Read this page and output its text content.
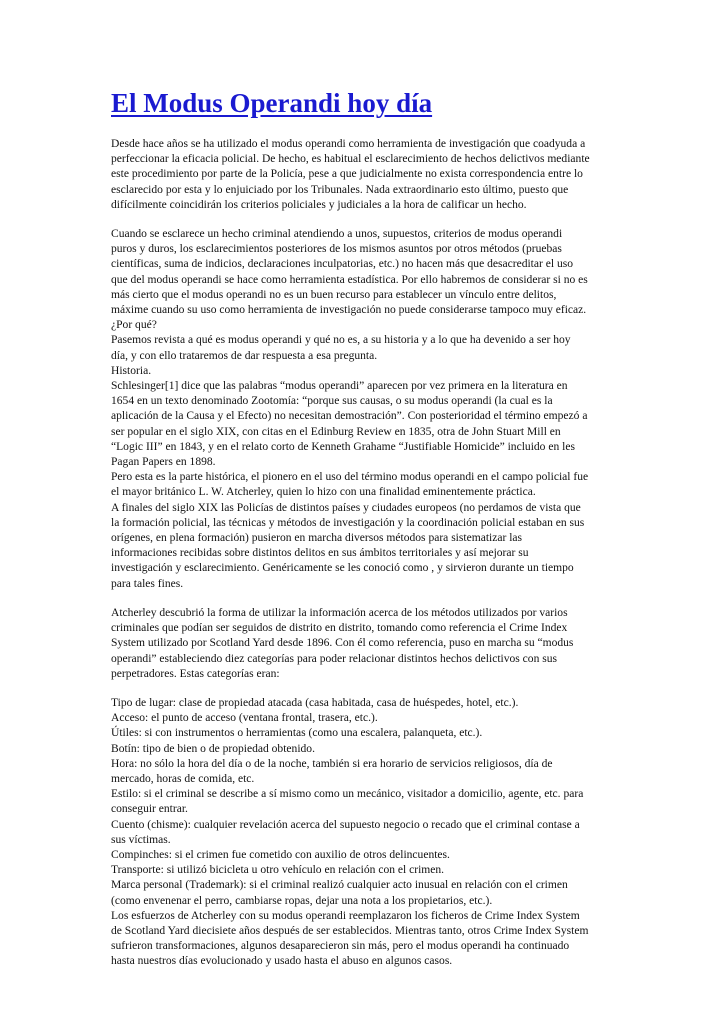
El Modus Operandi hoy día
Desde hace años se ha utilizado el modus operandi como herramienta de investigación que coadyuda a
perfeccionar la eficacia policial. De hecho, es habitual el esclarecimiento de hechos delictivos mediante
este procedimiento por parte de la Policía, pese a que judicialmente no exista correspondencia entre lo
esclarecido por esta y lo enjuiciado por los Tribunales. Nada extraordinario esto último, puesto que
difícilmente coincidirán los criterios policiales y judiciales a la hora de calificar un hecho.
Cuando se esclarece un hecho criminal atendiendo a unos, supuestos, criterios de modus operandi
puros y duros, los esclarecimientos posteriores de los mismos asuntos por otros métodos (pruebas
científicas, suma de indicios, declaraciones inculpatorias, etc.) no hacen más que desacreditar el uso
que del modus operandi se hace como herramienta estadística. Por ello habremos de considerar si no es
más cierto que el modus operandi no es un buen recurso para establecer un vínculo entre delitos,
máxime cuando su uso como herramienta de investigación no puede considerarse tampoco muy eficaz.
¿Por qué?
Pasemos revista a qué es modus operandi y qué no es, a su historia y a lo que ha devenido a ser hoy
día, y con ello trataremos de dar respuesta a esa pregunta.
Historia.
Schlesinger[1] dice que las palabras “modus operandi” aparecen por vez primera en la literatura en
1654 en un texto denominado Zootomía: “porque sus causas, o su modus operandi (la cual es la
aplicación de la Causa y el Efecto) no necesitan demostración”. Con posterioridad el término empezó a
ser popular en el siglo XIX, con citas en el Edinburg Review en 1835, otra de John Stuart Mill en
“Logic III” en 1843, y en el relato corto de Kenneth Grahame “Justifiable Homicide” incluido en les
Pagan Papers en 1898.
Pero esta es la parte histórica, el pionero en el uso del término modus operandi en el campo policial fue
el mayor británico L. W. Atcherley, quien lo hizo con una finalidad eminentemente práctica.
A finales del siglo XIX las Policías de distintos países y ciudades europeos (no perdamos de vista que
la formación policial, las técnicas y métodos de investigación y la coordinación policial estaban en sus
orígenes, en plena formación) pusieron en marcha diversos métodos para sistematizar las
informaciones recibidas sobre distintos delitos en sus ámbitos territoriales y así mejorar su
investigación y esclarecimiento. Genéricamente se les conoció como , y sirvieron durante un tiempo
para tales fines.
Atcherley descubrió la forma de utilizar la información acerca de los métodos utilizados por varios
criminales que podían ser seguidos de distrito en distrito, tomando como referencia el Crime Index
System utilizado por Scotland Yard desde 1896. Con él como referencia, puso en marcha su “modus
operandi” estableciendo diez categorías para poder relacionar distintos hechos delictivos con sus
perpetradores. Estas categorías eran:
Tipo de lugar: clase de propiedad atacada (casa habitada, casa de huéspedes, hotel, etc.).
Acceso: el punto de acceso (ventana frontal, trasera, etc.).
Útiles: si con instrumentos o herramientas (como una escalera, palanqueta, etc.).
Botín: tipo de bien o de propiedad obtenido.
Hora: no sólo la hora del día o de la noche, también si era horario de servicios religiosos, día de
mercado, horas de comida, etc.
Estilo: si el criminal se describe a sí mismo como un mecánico, visitador a domicilio, agente, etc. para
conseguir entrar.
Cuento (chisme): cualquier revelación acerca del supuesto negocio o recado que el criminal contase a
sus víctimas.
Compinches: si el crimen fue cometido con auxilio de otros delincuentes.
Transporte: si utilizó bicicleta u otro vehículo en relación con el crimen.
Marca personal (Trademark): si el criminal realizó cualquier acto inusual en relación con el crimen
(como envenenar el perro, cambiarse ropas, dejar una nota a los propietarios, etc.).
Los esfuerzos de Atcherley con su modus operandi reemplazaron los ficheros de Crime Index System
de Scotland Yard diecisiete años después de ser establecidos. Mientras tanto, otros Crime Index System
sufrieron transformaciones, algunos desaparecieron sin más, pero el modus operandi ha continuado
hasta nuestros días evolucionado y usado hasta el abuso en algunos casos.
